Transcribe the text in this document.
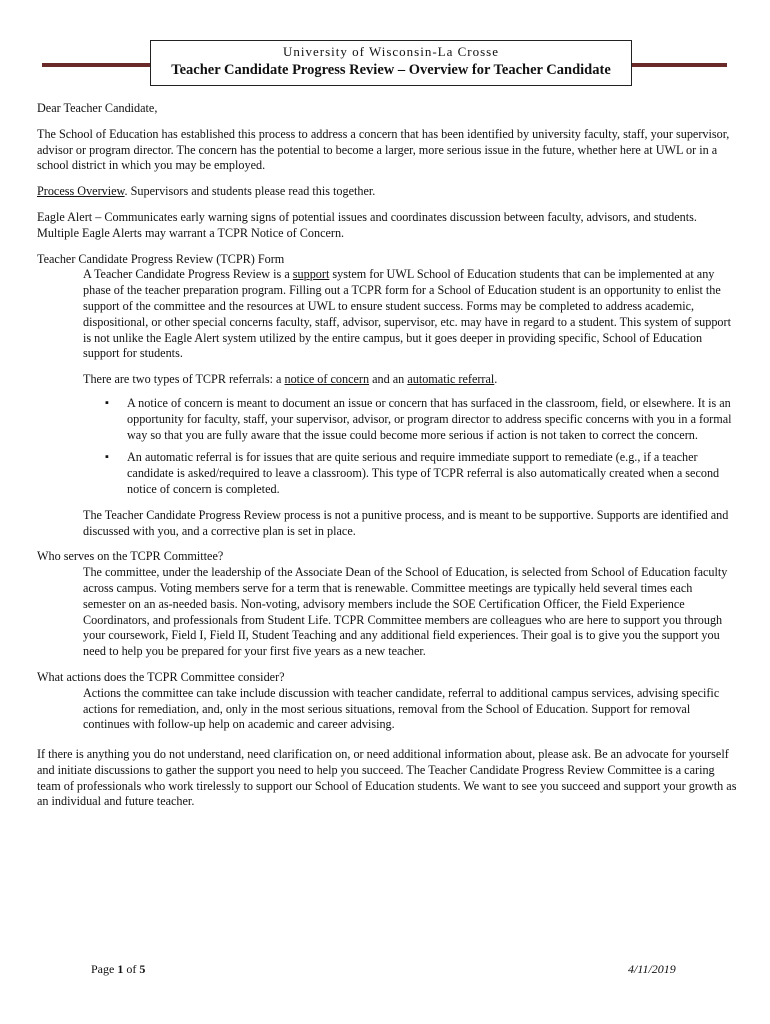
University of Wisconsin-La Crosse
Teacher Candidate Progress Review – Overview for Teacher Candidate

Dear Teacher Candidate,

The School of Education has established this process to address a concern that has been identified by university faculty, staff, your supervisor, advisor or program director. The concern has the potential to become a larger, more serious issue in the future, whether here at UWL or in a school district in which you may be employed.

Process Overview. Supervisors and students please read this together.

Eagle Alert – Communicates early warning signs of potential issues and coordinates discussion between faculty, advisors, and students. Multiple Eagle Alerts may warrant a TCPR Notice of Concern.

Teacher Candidate Progress Review (TCPR) Form

A Teacher Candidate Progress Review is a support system for UWL School of Education students that can be implemented at any phase of the teacher preparation program. Filling out a TCPR form for a School of Education student is an opportunity to enlist the support of the committee and the resources at UWL to ensure student success. Forms may be completed to address academic, dispositional, or other special concerns faculty, staff, advisor, supervisor, etc. may have in regard to a student. This system of support is not unlike the Eagle Alert system utilized by the entire campus, but it goes deeper in providing specific, School of Education support for students.

There are two types of TCPR referrals: a notice of concern and an automatic referral.

▪ A notice of concern is meant to document an issue or concern that has surfaced in the classroom, field, or elsewhere. It is an opportunity for faculty, staff, your supervisor, advisor, or program director to address specific concerns with you in a formal way so that you are fully aware that the issue could become more serious if action is not taken to correct the concern.
▪ An automatic referral is for issues that are quite serious and require immediate support to remediate (e.g., if a teacher candidate is asked/required to leave a classroom). This type of TCPR referral is also automatically created when a second notice of concern is completed.

The Teacher Candidate Progress Review process is not a punitive process, and is meant to be supportive. Supports are identified and discussed with you, and a corrective plan is set in place.

Who serves on the TCPR Committee?

The committee, under the leadership of the Associate Dean of the School of Education, is selected from School of Education faculty across campus. Voting members serve for a term that is renewable. Committee meetings are typically held several times each semester on an as-needed basis. Non-voting, advisory members include the SOE Certification Officer, the Field Experience Coordinators, and professionals from Student Life. TCPR Committee members are colleagues who are here to support you through your coursework, Field I, Field II, Student Teaching and any additional field experiences. Their goal is to give you the support you need to help you be prepared for your first five years as a new teacher.

What actions does the TCPR Committee consider?

Actions the committee can take include discussion with teacher candidate, referral to additional campus services, advising specific actions for remediation, and, only in the most serious situations, removal from the School of Education. Support for removal continues with follow-up help on academic and career advising.

If there is anything you do not understand, need clarification on, or need additional information about, please ask. Be an advocate for yourself and initiate discussions to gather the support you need to help you succeed. The Teacher Candidate Progress Review Committee is a caring team of professionals who work tirelessly to support our School of Education students. We want to see you succeed and support your growth as an individual and future teacher.

Page 1 of 5	4/11/2019
